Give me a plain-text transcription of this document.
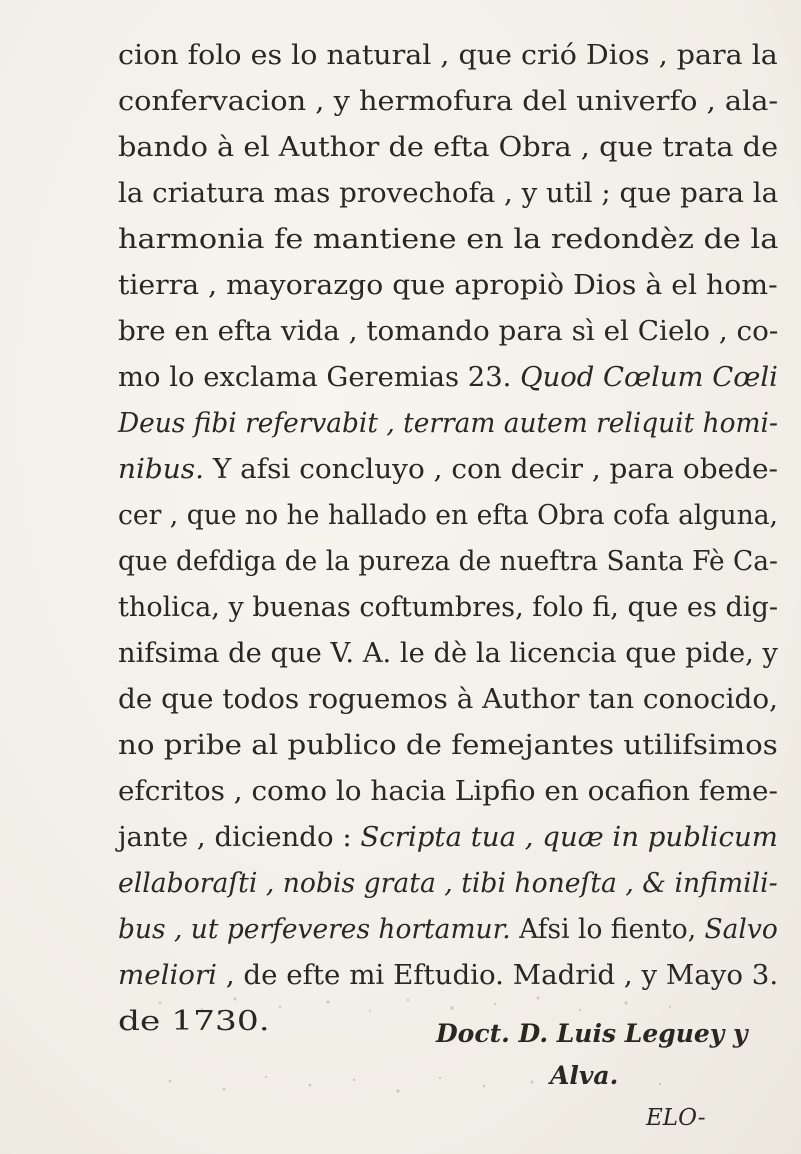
cion folo es lo natural , que crió Dios , para la
confervacion , y hermofura del univerfo , ala-
bando à el Author de efta Obra , que trata de
la criatura mas provechofa , y util ; que para la
harmonia fe mantiene en la redondèz de la
tierra , mayorazgo que apropiò Dios à el hom-
bre en efta vida , tomando para sì el Cielo , co-
mo lo exclama Geremias 23. Quod Cœlum Cœli
Deus fibi refervabit , terram autem reliquit homi-
nibus. Y afsi concluyo , con decir , para obede-
cer , que no he hallado en efta Obra cofa alguna,
que defdiga de la pureza de nueftra Santa Fè Ca-
tholica, y buenas coftumbres, folo fi, que es dig-
nifsima de que V. A. le dè la licencia que pide, y
de que todos roguemos à Author tan conocido,
no pribe al publico de femejantes utilifsimos
efcritos , como lo hacia Lipfio en ocafion feme-
jante , diciendo : Scripta tua , quæ in publicum
ellaboraſti , nobis grata , tibi honeſta , & infimili-
bus , ut perfeveres hortamur. Afsi lo fiento, Salvo
meliori , de efte mi Eftudio. Madrid , y Mayo 3.
de 1730.	Doct. D. Luis Leguey y
Alva.
ELO-
